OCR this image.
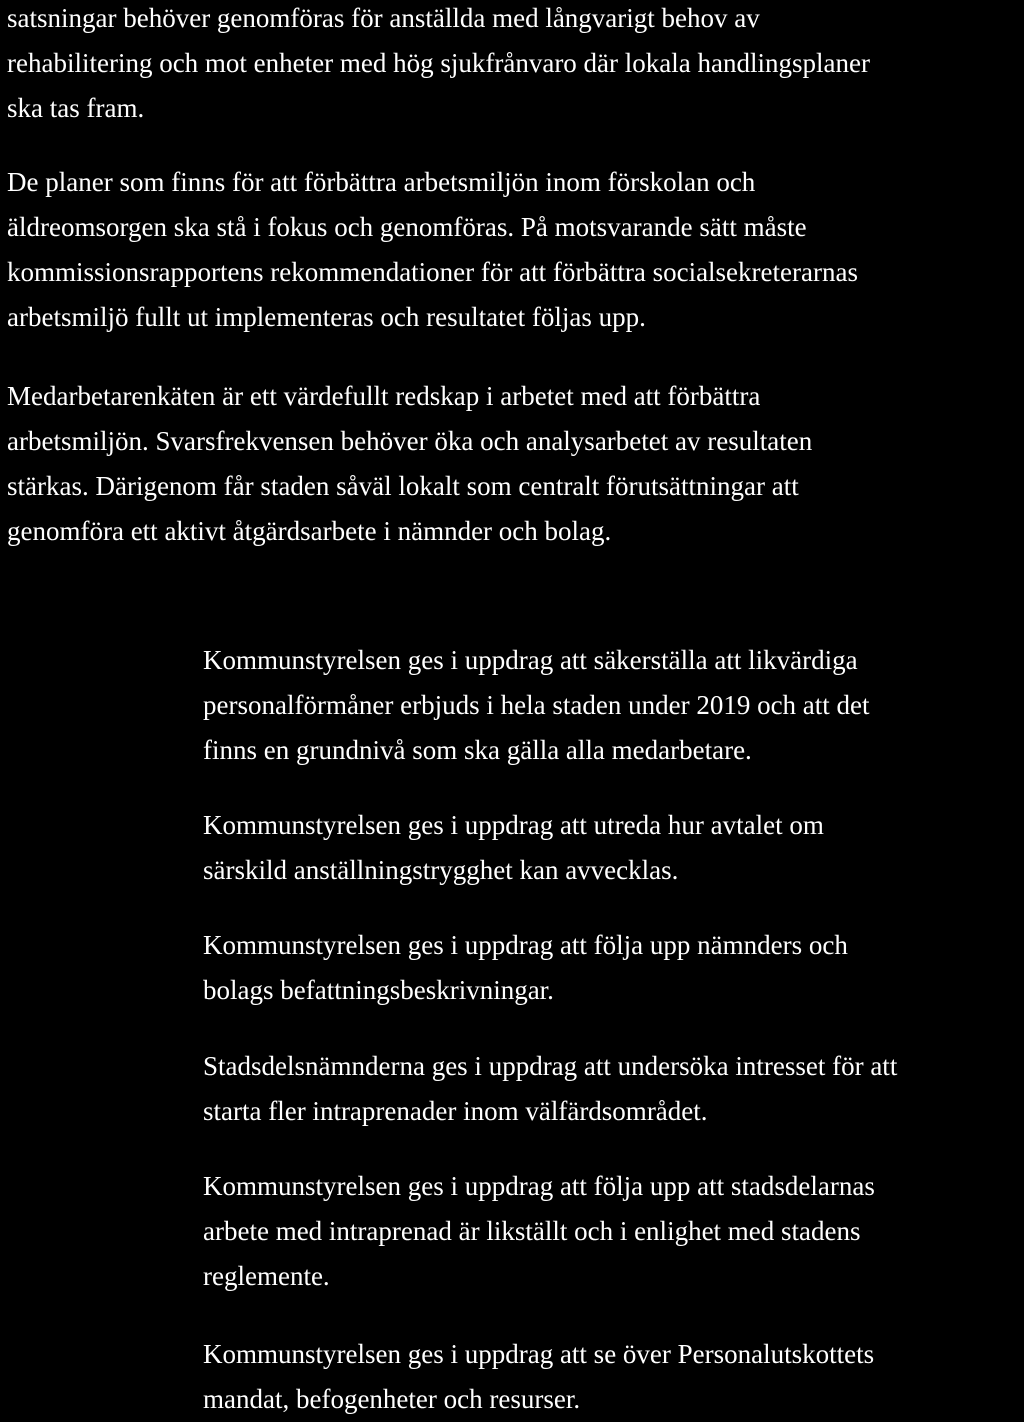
satsningar behöver genomföras för anställda med långvarigt behov av
rehabilitering och mot enheter med hög sjukfrånvaro där lokala handlingsplaner
ska tas fram.

De planer som finns för att förbättra arbetsmiljön inom förskolan och
äldreomsorgen ska stå i fokus och genomföras. På motsvarande sätt måste
kommissionsrapportens rekommendationer för att förbättra socialsekreterarnas
arbetsmiljö fullt ut implementeras och resultatet följas upp.

Medarbetarenkäten är ett värdefullt redskap i arbetet med att förbättra
arbetsmiljön. Svarsfrekvensen behöver öka och analysarbetet av resultaten
stärkas. Därigenom får staden såväl lokalt som centralt förutsättningar att
genomföra ett aktivt åtgärdsarbete i nämnder och bolag.

Kommunstyrelsen ges i uppdrag att säkerställa att likvärdiga
personalförmåner erbjuds i hela staden under 2019 och att det
finns en grundnivå som ska gälla alla medarbetare.

Kommunstyrelsen ges i uppdrag att utreda hur avtalet om
särskild anställningstrygghet kan avvecklas.

Kommunstyrelsen ges i uppdrag att följa upp nämnders och
bolags befattningsbeskrivningar.

Stadsdelsnämnderna ges i uppdrag att undersöka intresset för att
starta fler intraprenader inom välfärdsområdet.

Kommunstyrelsen ges i uppdrag att följa upp att stadsdelarnas
arbete med intraprenad är likställt och i enlighet med stadens
reglemente.

Kommunstyrelsen ges i uppdrag att se över Personalutskottets
mandat, befogenheter och resurser.
